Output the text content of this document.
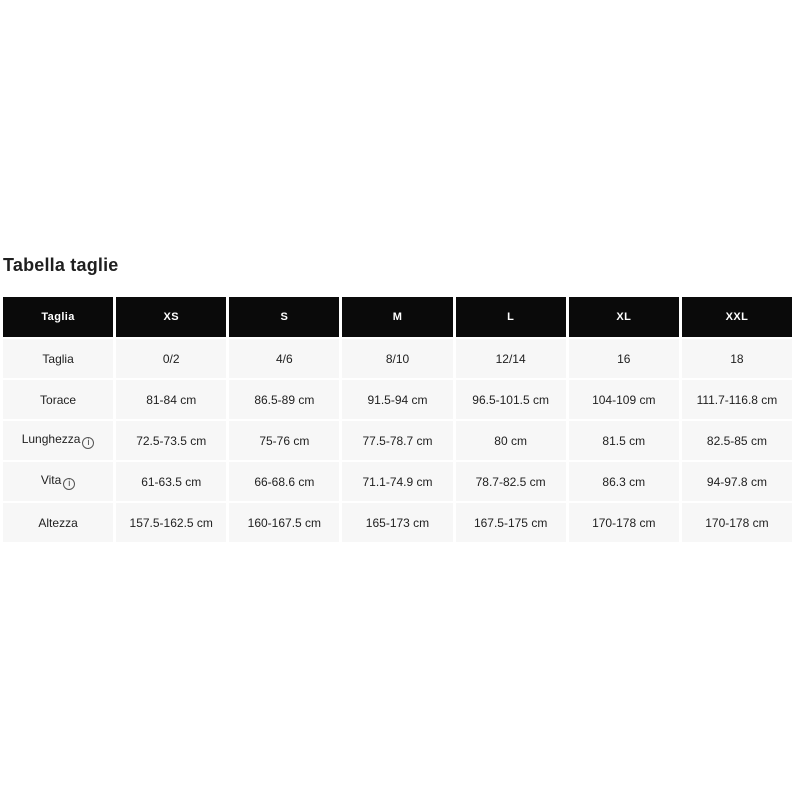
Tabella taglie
Taglia	XS	S	M	L	XL	XXL
Taglia	0/2	4/6	8/10	12/14	16	18
Torace	81-84 cm	86.5-89 cm	91.5-94 cm	96.5-101.5 cm	104-109 cm	111.7-116.8 cm
Lunghezza i	72.5-73.5 cm	75-76 cm	77.5-78.7 cm	80 cm	81.5 cm	82.5-85 cm
Vita i	61-63.5 cm	66-68.6 cm	71.1-74.9 cm	78.7-82.5 cm	86.3 cm	94-97.8 cm
Altezza	157.5-162.5 cm	160-167.5 cm	165-173 cm	167.5-175 cm	170-178 cm	170-178 cm
